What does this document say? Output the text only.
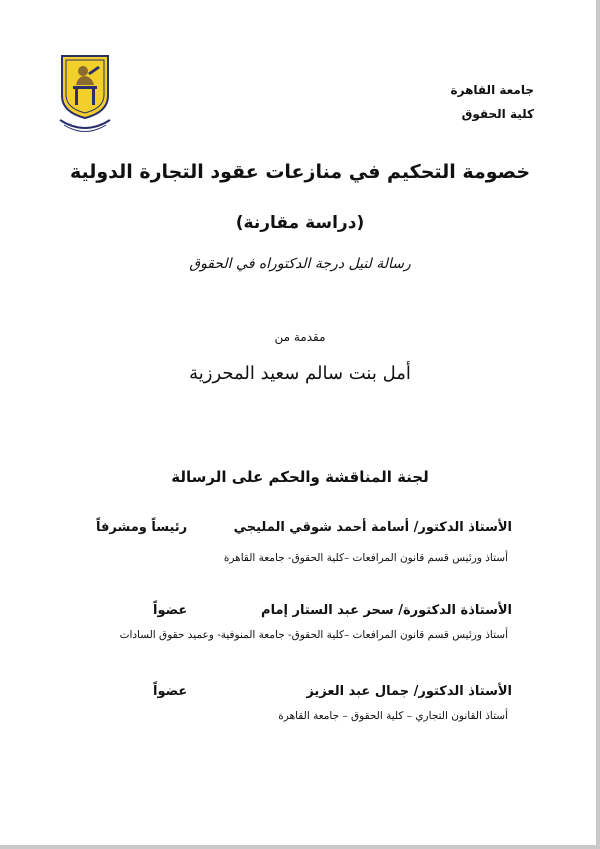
جامعة القاهرة
كلية الحقوق
خصومة التحكيم في منازعات عقود التجارة الدولية
(دراسة مقارنة)
رسالة لنيل درجة الدكتوراه في الحقوق
مقدمة من
أمل بنت سالم سعيد المحرزية
لجنة المناقشة والحكم على الرسالة
الأستاذ الدكتور/ أسامة أحمد شوقي المليجي
رئيساً ومشرفاً
أستاذ ورئيس قسم قانون المرافعات –كلية الحقوق- جامعة القاهرة
الأستاذة الدكتورة/ سحر عبد الستار إمام
عضواً
أستاذ ورئيس قسم قانون المرافعات –كلية الحقوق- جامعة المنوفية- وعميد حقوق السادات
الأستاذ الدكتور/ جمال عبد العزيز
عضواً
أستاذ القانون التجاري – كلية الحقوق – جامعة القاهرة
